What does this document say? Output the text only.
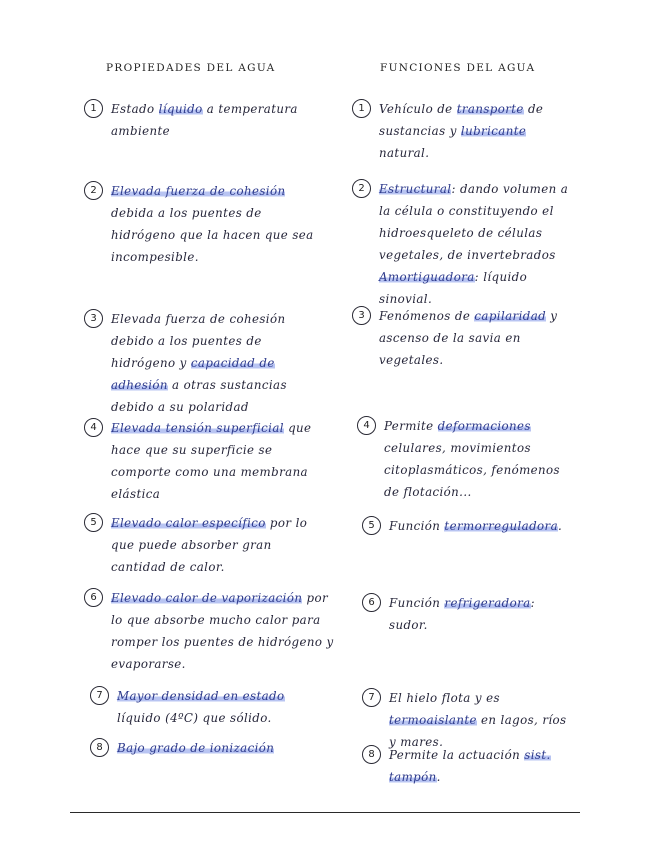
PROPIEDADES DEL AGUA	FUNCIONES DEL AGUA
1	Estado líquido a temperatura ambiente
2	Elevada fuerza de cohesión debida a los puentes de hidrógeno que la hacen que sea incompesible.
3	Elevada fuerza de cohesión debido a los puentes de hidrógeno y capacidad de adhesión a otras sustancias debido a su polaridad
4	Elevada tensión superficial que hace que su superficie se comporte como una membrana elástica
5	Elevado calor específico por lo que puede absorber gran cantidad de calor.
6	Elevado calor de vaporización por lo que absorbe mucho calor para romper los puentes de hidrógeno y evaporarse.
7	Mayor densidad en estado líquido (4ºC) que sólido.
8	Bajo grado de ionización
1	Vehículo de transporte de sustancias y lubricante natural.
2	Estructural: dando volumen a la célula o constituyendo el hidroesqueleto de células vegetales, de invertebrados Amortiguadora: líquido sinovial.
3	Fenómenos de capilaridad y ascenso de la savia en vegetales.
4	Permite deformaciones celulares, movimientos citoplasmáticos, fenómenos de flotación...
5	Función termorreguladora.
6	Función refrigeradora: sudor.
7	El hielo flota y es termoaislante en lagos, ríos y mares.
8	Permite la actuación sist. tampón.
